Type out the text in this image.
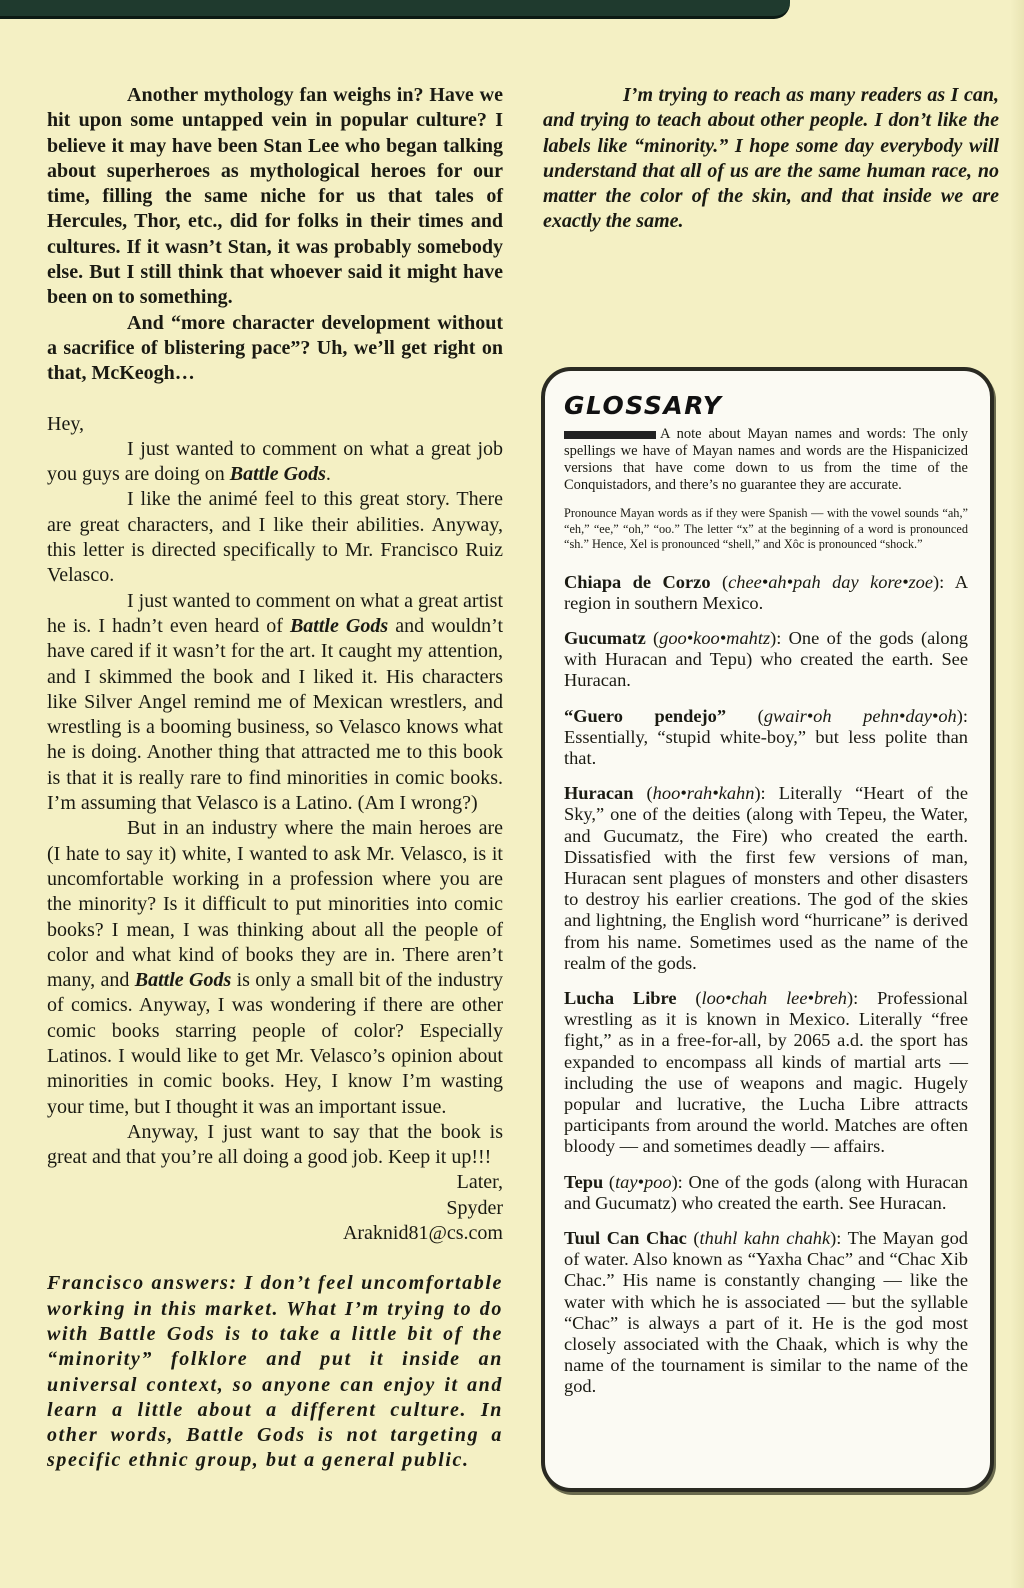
Another mythology fan weighs in? Have we hit upon some untapped vein in popular culture? I believe it may have been Stan Lee who began talking about superheroes as mythological heroes for our time, filling the same niche for us that tales of Hercules, Thor, etc., did for folks in their times and cultures. If it wasn’t Stan, it was probably somebody else. But I still think that whoever said it might have been on to something.

And “more character development without a sacrifice of blistering pace”? Uh, we’ll get right on that, McKeogh…

Hey,

I just wanted to comment on what a great job you guys are doing on Battle Gods.

I like the animé feel to this great story. There are great characters, and I like their abilities. Anyway, this letter is directed specifically to Mr. Francisco Ruiz Velasco.

I just wanted to comment on what a great artist he is. I hadn’t even heard of Battle Gods and wouldn’t have cared if it wasn’t for the art. It caught my attention, and I skimmed the book and I liked it. His characters like Silver Angel remind me of Mexican wrestlers, and wrestling is a booming business, so Velasco knows what he is doing. Another thing that attracted me to this book is that it is really rare to find minorities in comic books. I’m assuming that Velasco is a Latino. (Am I wrong?)

But in an industry where the main heroes are (I hate to say it) white, I wanted to ask Mr. Velasco, is it uncomfortable working in a profession where you are the minority? Is it difficult to put minorities into comic books? I mean, I was thinking about all the people of color and what kind of books they are in. There aren’t many, and Battle Gods is only a small bit of the industry of comics. Anyway, I was wondering if there are other comic books starring people of color? Especially Latinos. I would like to get Mr. Velasco’s opinion about minorities in comic books. Hey, I know I’m wasting your time, but I thought it was an important issue.

Anyway, I just want to say that the book is great and that you’re all doing a good job. Keep it up!!!

Later,

Spyder

Araknid81@cs.com

Francisco answers: I don’t feel uncomfortable working in this market. What I’m trying to do with Battle Gods is to take a little bit of the “minority” folklore and put it inside an universal context, so anyone can enjoy it and learn a little about a different culture. In other words, Battle Gods is not targeting a specific ethnic group, but a general public.

I’m trying to reach as many readers as I can, and trying to teach about other people. I don’t like the labels like “minority.” I hope some day everybody will understand that all of us are the same human race, no matter the color of the skin, and that inside we are exactly the same.

GLOSSARY

A note about Mayan names and words: The only spellings we have of Mayan names and words are the Hispanicized versions that have come down to us from the time of the Conquistadors, and there’s no guarantee they are accurate.

Pronounce Mayan words as if they were Spanish — with the vowel sounds “ah,” “eh,” “ee,” “oh,” “oo.” The letter “x” at the beginning of a word is pronounced “sh.” Hence, Xel is pronounced “shell,” and Xôc is pronounced “shock.”

Chiapa de Corzo (chee•ah•pah day kore•zoe): A region in southern Mexico.

Gucumatz (goo•koo•mahtz): One of the gods (along with Huracan and Tepu) who created the earth. See Huracan.

“Guero pendejo” (gwair•oh pehn•day•oh): Essentially, “stupid white-boy,” but less polite than that.

Huracan (hoo•rah•kahn): Literally “Heart of the Sky,” one of the deities (along with Tepeu, the Water, and Gucumatz, the Fire) who created the earth. Dissatisfied with the first few versions of man, Huracan sent plagues of monsters and other disasters to destroy his earlier creations. The god of the skies and lightning, the English word “hurricane” is derived from his name. Sometimes used as the name of the realm of the gods.

Lucha Libre (loo•chah lee•breh): Professional wrestling as it is known in Mexico. Literally “free fight,” as in a free-for-all, by 2065 a.d. the sport has expanded to encompass all kinds of martial arts — including the use of weapons and magic. Hugely popular and lucrative, the Lucha Libre attracts participants from around the world. Matches are often bloody — and sometimes deadly — affairs.

Tepu (tay•poo): One of the gods (along with Huracan and Gucumatz) who created the earth. See Huracan.

Tuul Can Chac (thuhl kahn chahk): The Mayan god of water. Also known as “Yaxha Chac” and “Chac Xib Chac.” His name is constantly changing — like the water with which he is associated — but the syllable “Chac” is always a part of it. He is the god most closely associated with the Chaak, which is why the name of the tournament is similar to the name of the god.
